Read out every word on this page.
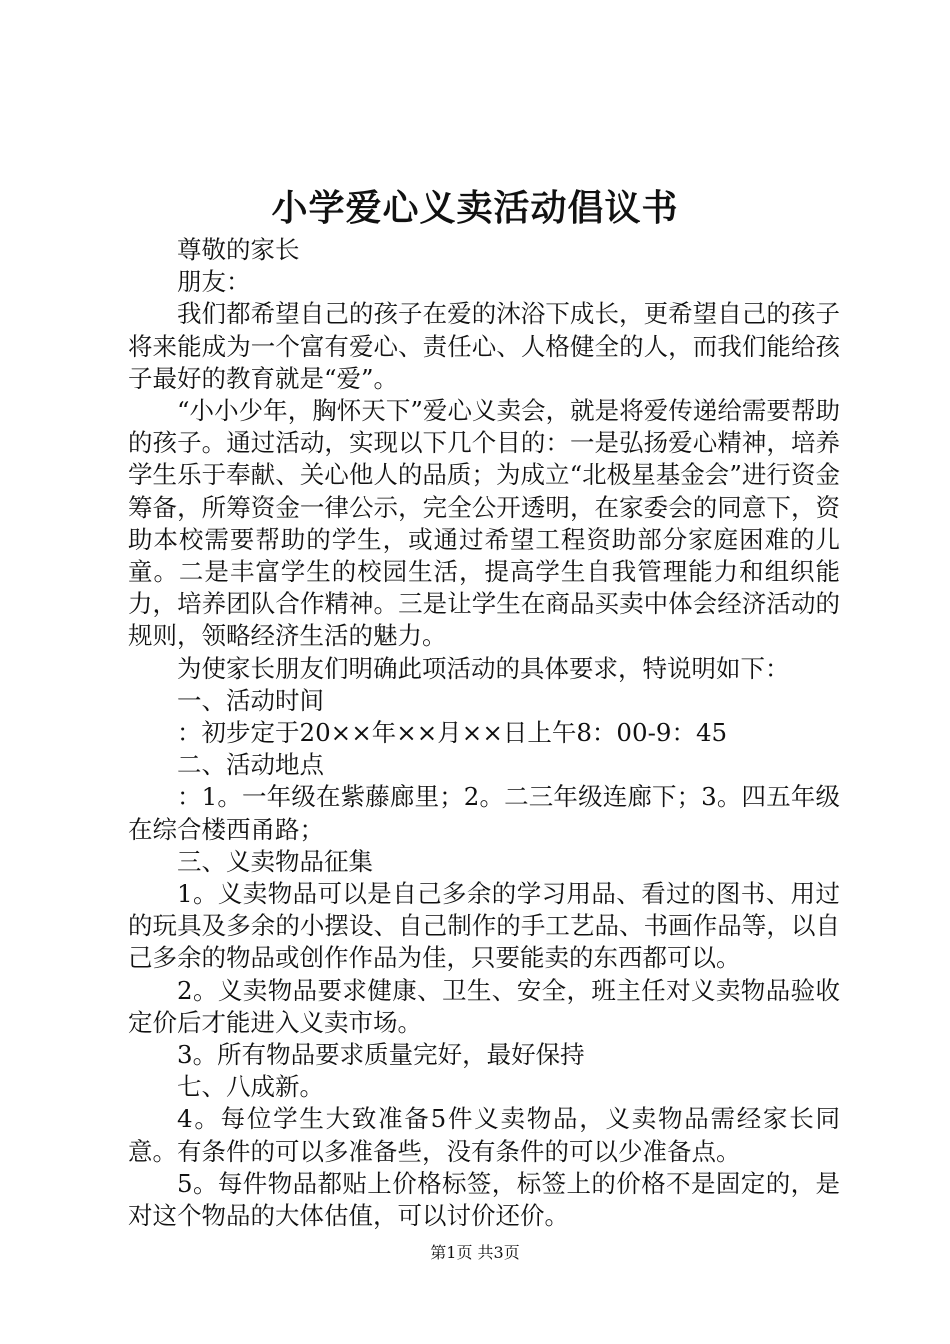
小学爱心义卖活动倡议书

尊敬的家长

朋友：

我们都希望自己的孩子在爱的沐浴下成长，更希望自己的孩子将来能成为一个富有爱心、责任心、人格健全的人，而我们能给孩子最好的教育就是“爱”。

“小小少年，胸怀天下”爱心义卖会，就是将爱传递给需要帮助的孩子。通过活动，实现以下几个目的：一是弘扬爱心精神，培养学生乐于奉献、关心他人的品质；为成立“北极星基金会”进行资金筹备，所筹资金一律公示，完全公开透明，在家委会的同意下，资助本校需要帮助的学生，或通过希望工程资助部分家庭困难的儿童。二是丰富学生的校园生活，提高学生自我管理能力和组织能力，培养团队合作精神。三是让学生在商品买卖中体会经济活动的规则，领略经济生活的魅力。

为使家长朋友们明确此项活动的具体要求，特说明如下：

一、活动时间

：初步定于20××年××月××日上午8：00-9：45

二、活动地点

：1。一年级在紫藤廊里；2。二三年级连廊下；3。四五年级在综合楼西甬路；

三、义卖物品征集

1。义卖物品可以是自己多余的学习用品、看过的图书、用过的玩具及多余的小摆设、自己制作的手工艺品、书画作品等，以自己多余的物品或创作作品为佳，只要能卖的东西都可以。

2。义卖物品要求健康、卫生、安全，班主任对义卖物品验收定价后才能进入义卖市场。

3。所有物品要求质量完好，最好保持

七、八成新。

4。每位学生大致准备5件义卖物品，义卖物品需经家长同意。有条件的可以多准备些，没有条件的可以少准备点。

5。每件物品都贴上价格标签，标签上的价格不是固定的，是对这个物品的大体估值，可以讨价还价。

第1页 共3页
